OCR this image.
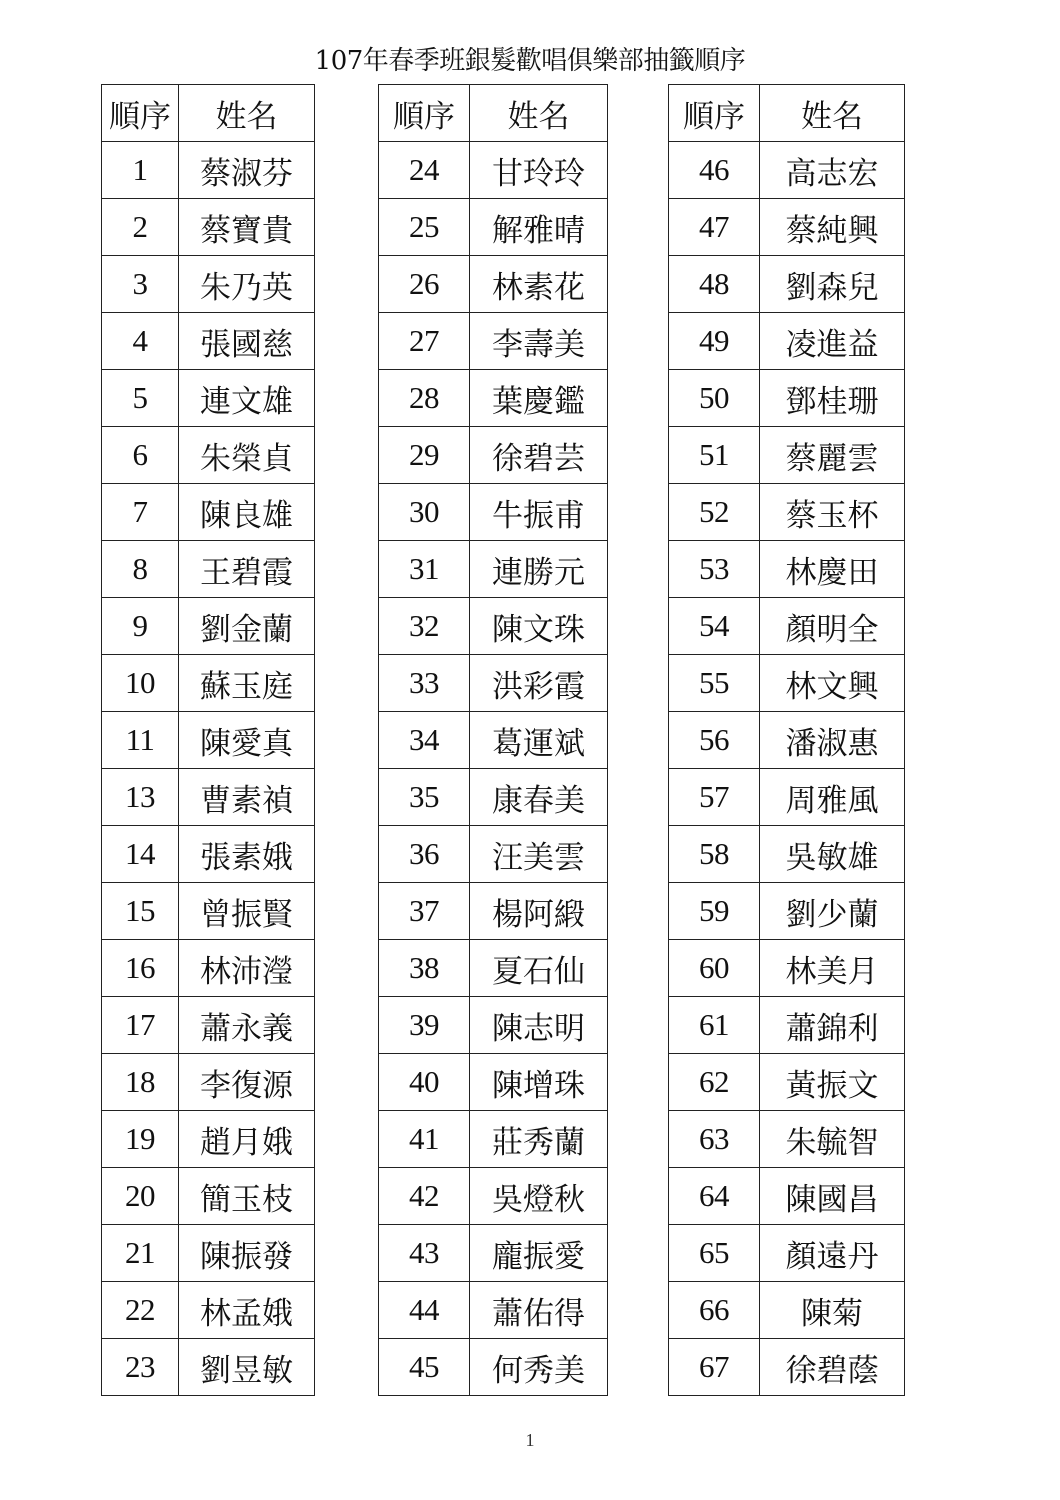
107年春季班銀髮歡唱俱樂部抽籤順序
順序	姓名
1	蔡淑芬
2	蔡寶貴
3	朱乃英
4	張國慈
5	連文雄
6	朱榮貞
7	陳良雄
8	王碧霞
9	劉金蘭
10	蘇玉庭
11	陳愛真
13	曹素禎
14	張素娥
15	曾振賢
16	林沛瀅
17	蕭永義
18	李復源
19	趙月娥
20	簡玉枝
21	陳振發
22	林孟娥
23	劉昱敏
順序	姓名
24	甘玲玲
25	解雅晴
26	林素花
27	李壽美
28	葉慶鑑
29	徐碧芸
30	牛振甫
31	連勝元
32	陳文珠
33	洪彩霞
34	葛運斌
35	康春美
36	汪美雲
37	楊阿緞
38	夏石仙
39	陳志明
40	陳增珠
41	莊秀蘭
42	吳燈秋
43	龐振愛
44	蕭佑得
45	何秀美
順序	姓名
46	高志宏
47	蔡純興
48	劉森兒
49	凌進益
50	鄧桂珊
51	蔡麗雲
52	蔡玉杯
53	林慶田
54	顏明全
55	林文興
56	潘淑惠
57	周雅風
58	吳敏雄
59	劉少蘭
60	林美月
61	蕭錦利
62	黃振文
63	朱毓智
64	陳國昌
65	顏遠丹
66	陳菊
67	徐碧蔭
1
